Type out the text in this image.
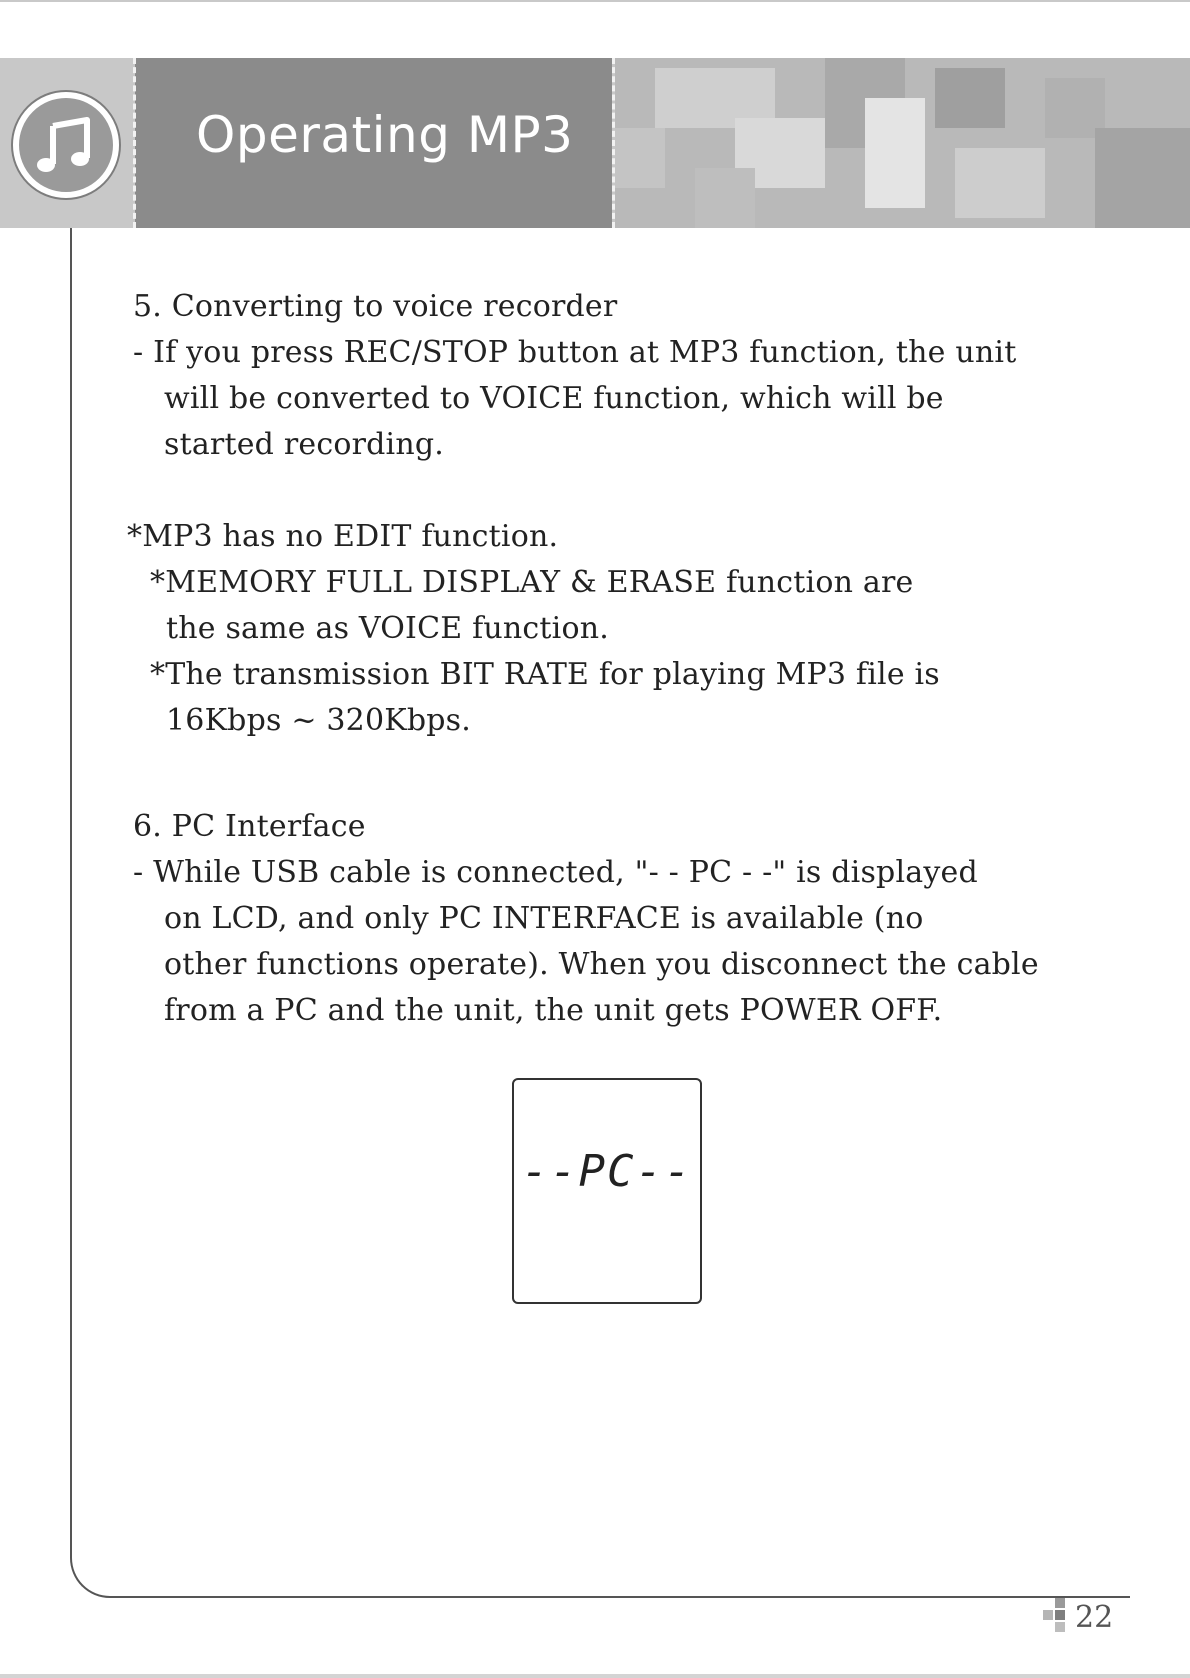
Operating MP3
5. Converting to voice recorder
- If you press REC/STOP button at MP3 function, the unit
will be converted to VOICE function, which will be
started recording.
*MP3 has no EDIT function.
*MEMORY FULL DISPLAY & ERASE function are
the same as VOICE function.
*The transmission BIT RATE for playing MP3 file is
16Kbps ~ 320Kbps.
6. PC Interface
- While USB cable is connected, "- - PC - -" is displayed
on LCD, and only PC INTERFACE is available (no
other functions operate). When you disconnect the cable
from a PC and the unit, the unit gets POWER OFF.
--PC--
22
